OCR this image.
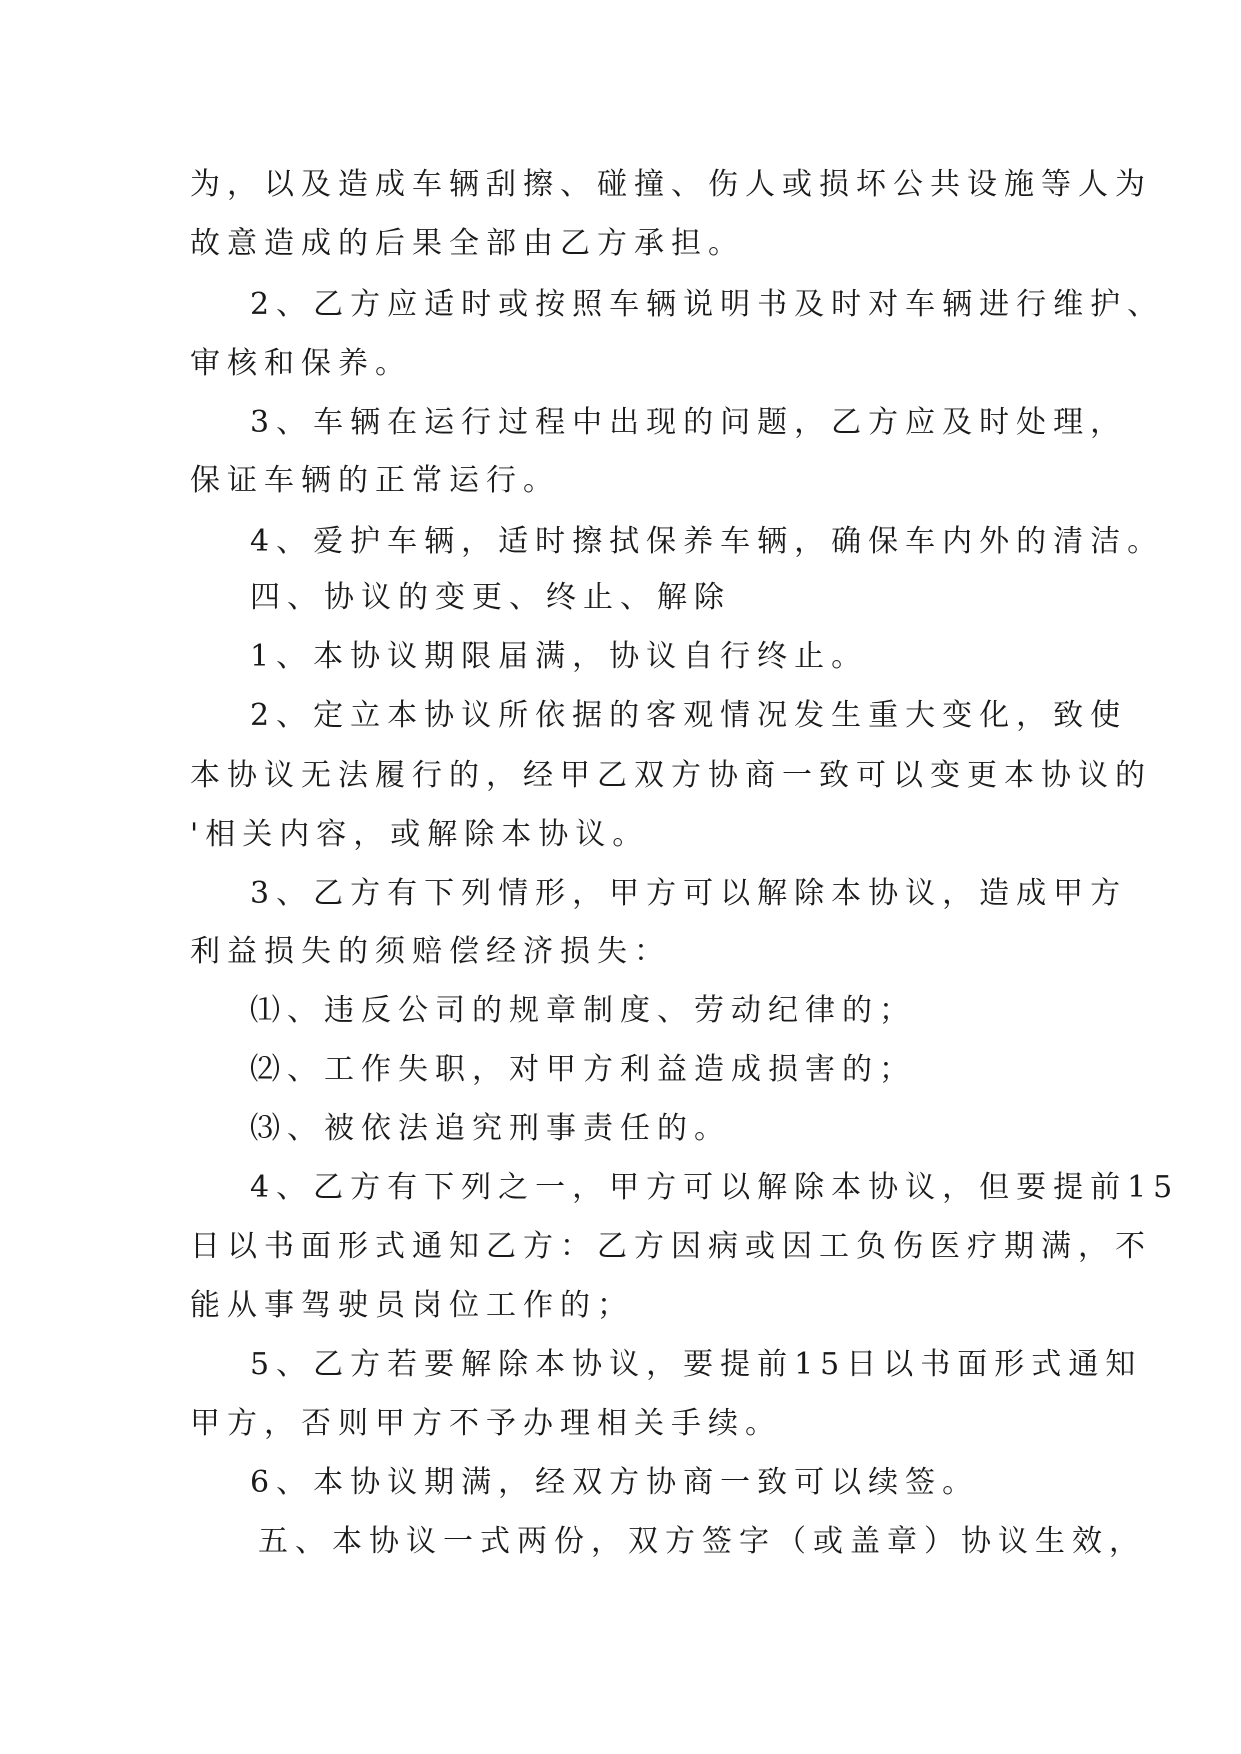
为，以及造成车辆刮擦、碰撞、伤人或损坏公共设施等人为
故意造成的后果全部由乙方承担。
2、乙方应适时或按照车辆说明书及时对车辆进行维护、
审核和保养。
3、车辆在运行过程中出现的问题，乙方应及时处理，
保证车辆的正常运行。
4、爱护车辆，适时擦拭保养车辆，确保车内外的清洁。
四、协议的变更、终止、解除
1、本协议期限届满，协议自行终止。
2、定立本协议所依据的客观情况发生重大变化，致使
本协议无法履行的，经甲乙双方协商一致可以变更本协议的
'相关内容，或解除本协议。
3、乙方有下列情形，甲方可以解除本协议，造成甲方
利益损失的须赔偿经济损失：
⑴、违反公司的规章制度、劳动纪律的；
⑵、工作失职，对甲方利益造成损害的；
⑶、被依法追究刑事责任的。
4、乙方有下列之一，甲方可以解除本协议，但要提前15
日以书面形式通知乙方：乙方因病或因工负伤医疗期满，不
能从事驾驶员岗位工作的；
5、乙方若要解除本协议，要提前15日以书面形式通知
甲方，否则甲方不予办理相关手续。
6、本协议期满，经双方协商一致可以续签。
五、本协议一式两份，双方签字（或盖章）协议生效，
